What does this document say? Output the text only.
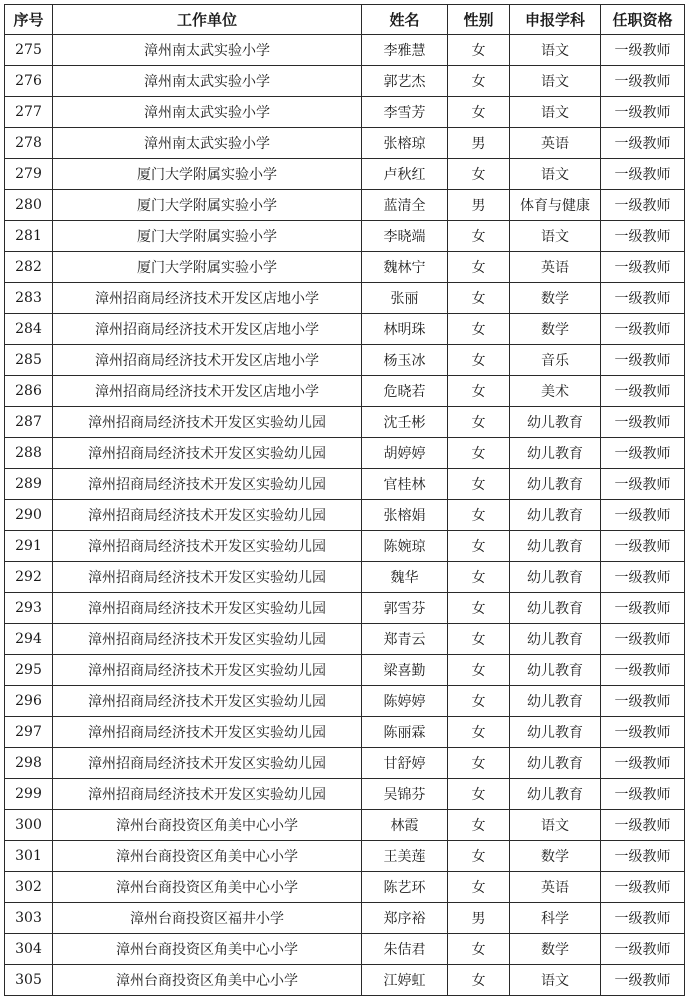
序号	工作单位	姓名	性别	申报学科	任职资格
275	漳州南太武实验小学	李雅慧	女	语文	一级教师
276	漳州南太武实验小学	郭艺杰	女	语文	一级教师
277	漳州南太武实验小学	李雪芳	女	语文	一级教师
278	漳州南太武实验小学	张榕琼	男	英语	一级教师
279	厦门大学附属实验小学	卢秋红	女	语文	一级教师
280	厦门大学附属实验小学	蓝清全	男	体育与健康	一级教师
281	厦门大学附属实验小学	李晓端	女	语文	一级教师
282	厦门大学附属实验小学	魏林宁	女	英语	一级教师
283	漳州招商局经济技术开发区店地小学	张丽	女	数学	一级教师
284	漳州招商局经济技术开发区店地小学	林明珠	女	数学	一级教师
285	漳州招商局经济技术开发区店地小学	杨玉冰	女	音乐	一级教师
286	漳州招商局经济技术开发区店地小学	危晓若	女	美术	一级教师
287	漳州招商局经济技术开发区实验幼儿园	沈壬彬	女	幼儿教育	一级教师
288	漳州招商局经济技术开发区实验幼儿园	胡婷婷	女	幼儿教育	一级教师
289	漳州招商局经济技术开发区实验幼儿园	官桂林	女	幼儿教育	一级教师
290	漳州招商局经济技术开发区实验幼儿园	张榕娟	女	幼儿教育	一级教师
291	漳州招商局经济技术开发区实验幼儿园	陈婉琼	女	幼儿教育	一级教师
292	漳州招商局经济技术开发区实验幼儿园	魏华	女	幼儿教育	一级教师
293	漳州招商局经济技术开发区实验幼儿园	郭雪芬	女	幼儿教育	一级教师
294	漳州招商局经济技术开发区实验幼儿园	郑青云	女	幼儿教育	一级教师
295	漳州招商局经济技术开发区实验幼儿园	梁喜勤	女	幼儿教育	一级教师
296	漳州招商局经济技术开发区实验幼儿园	陈婷婷	女	幼儿教育	一级教师
297	漳州招商局经济技术开发区实验幼儿园	陈丽霖	女	幼儿教育	一级教师
298	漳州招商局经济技术开发区实验幼儿园	甘舒婷	女	幼儿教育	一级教师
299	漳州招商局经济技术开发区实验幼儿园	吴锦芬	女	幼儿教育	一级教师
300	漳州台商投资区角美中心小学	林霞	女	语文	一级教师
301	漳州台商投资区角美中心小学	王美莲	女	数学	一级教师
302	漳州台商投资区角美中心小学	陈艺环	女	英语	一级教师
303	漳州台商投资区福井小学	郑序裕	男	科学	一级教师
304	漳州台商投资区角美中心小学	朱佶君	女	数学	一级教师
305	漳州台商投资区角美中心小学	江婷虹	女	语文	一级教师
